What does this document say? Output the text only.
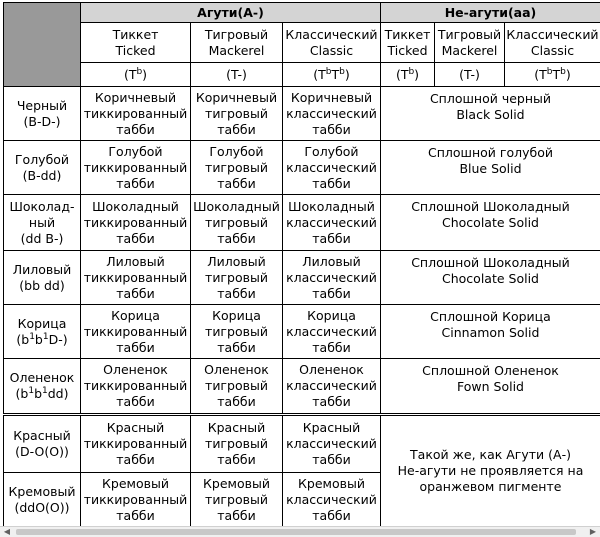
	Агути(А-)			Не-агути(аа)		

	Тиккет
Ticked	Тигровый
Mackerel	Классический
Classic	Тиккет
Ticked	Тигровый
Mackerel	Классический
Classic

	$(T^b)$	(T-)	$(T^bT^b)$	$(T^b)$	(T-)	$(T^bT^b)$

Черный
(B-D-)	Коричневый
тиккированный
табби	Коричневый
тигровый
табби	Коричневый
классический
табби	Сплошной черный
Black Solid		

Голубой
(B-dd)	Голубой
тиккированный
табби	Голубой
тигровый
табби	Голубой
классический
табби	Сплошной голубой
Blue Solid		

Шоколад-
ный
(dd B-)	Шоколадный
тиккированный
табби	Шоколадный
тигровый
табби	Шоколадный
классический
табби	Сплошной Шоколадный
Chocolate Solid		

Лиловый
(bb dd)	Лиловый
тиккированный
табби	Лиловый
тигровый
табби	Лиловый
классический
табби	Сплошной Шоколадный
Chocolate Solid		

Корица
$(b^1b^1D-)$	Корица
тиккированный
табби	Корица
тигровый
табби	Корица
классический
табби	Сплошной Корица
Cinnamon Solid		

Олененок
$(b^1b^1dd)$	Олененок
тиккированный
табби	Олененок
тигровый
табби	Олененок
классический
табби	Сплошной Олененок
Fown Solid		

Красный
(D-O(O))	Красный
тиккированный
табби	Красный
тигровый
табби	Красный
классический
табби	Такой же, как Агути (А-)
Не-агути не проявляется на
оранжевом пигменте		

Кремовый
(ddO(O))	Кремовый
тиккированный
табби	Кремовый
тигровый
табби	Кремовый
классический
табби			
◀	▶
